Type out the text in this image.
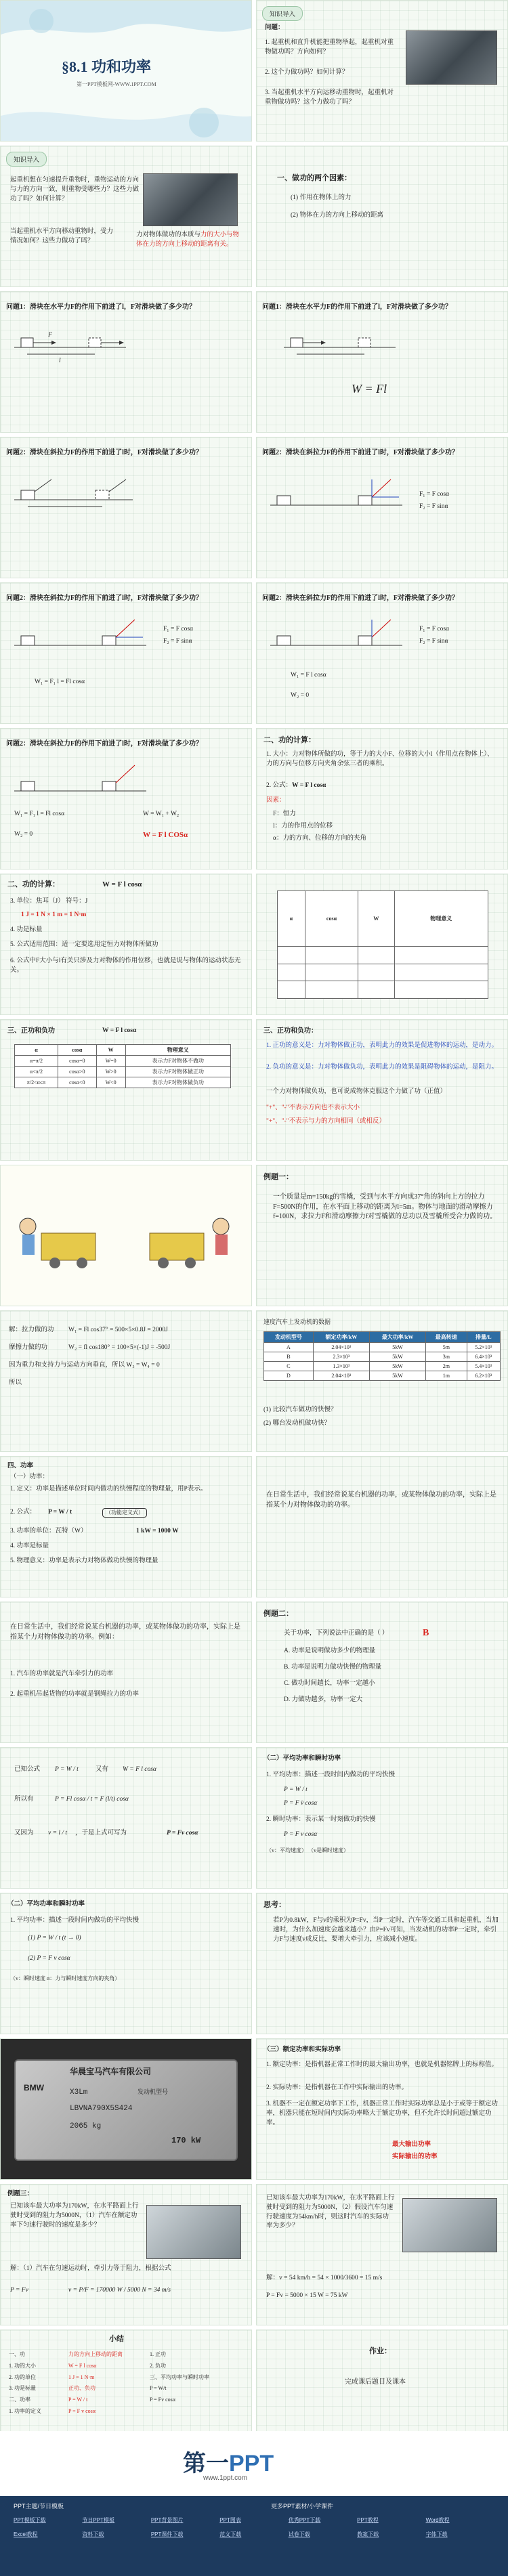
§8.1 功和功率
第一PPT模板网-WWW.1PPT.COM
知识导入
问题：
1. 起重机和直升机能把重物举起，起重机对重物做功吗？方向如何？
2. 这个力做功吗？如何计算？
3. 当起重机水平方向运移动重物时，起重机对重物做功吗？这个力做功了吗？
知识导入
起重机想在匀速提升重物时，重物运动的方向与力的方向一致，则重物受哪些力？这些力做功了吗？如何计算？
当起重机水平方向移动重物时，受力情况如何？这些力做功了吗？
力对物体做功的本质与力的大小与物体在力的方向上移动的距离有关。
一、做功的两个因素：
(1) 作用在物体上的力
(2) 物体在力的方向上移动的距离
问题1：滑块在水平力F的作用下前进了l，F对滑块做了多少功？
F
l
问题1：滑块在水平力F的作用下前进了l，F对滑块做了多少功？
W = Fl
问题2：滑块在斜拉力F的作用下前进了l时，F对滑块做了多少功？	问题2：滑块在斜拉力F的作用下前进了l时，F对滑块做了多少功？
F₁ = F cosα
F₂ = F sinα
问题2：滑块在斜拉力F的作用下前进了l时，F对滑块做了多少功？
F₁ = F cosα
F₂ = F sinα
W₁ = F₁ l = Fl cosα
问题2：滑块在斜拉力F的作用下前进了l时，F对滑块做了多少功？
F₁ = F cosα
F₂ = F sinα
W₁ = F l cosα
W₂ = 0
问题2：滑块在斜拉力F的作用下前进了l时，F对滑块做了多少功？
W₁ = F₁ l = Fl cosα
W₂ = 0
W = W₁ + W₂
W = F l COSα
二、功的计算：
1. 大小：力对物体所做的功，等于力的大小F、位移的大小l（作用点在物体上）、力的方向与位移方向夹角余弦三者的乘积。
2. 公式：W = F l cosα
因素：
F：恒力
l：力的作用点的位移
α：力的方向、位移的方向的夹角
二、功的计算：	W = F l cosα
3. 单位：焦耳（J） 符号：J
1 J = 1 N × 1 m = 1 N·m
4. 功是标量
5. 公式适用范围：适一定要选用定恒力对物体所做功
6. 公式中F大小与l有关只涉及力对物体的作用位移，也就是说与物体的运动状态无关。
α	cosα	W	物理意义

三、正功和负功	W = F l cosα
α	cosα	W	物理意义
α=π/2	cosα=0	W=0	表示力F对物体不做功
α<π/2	cosα>0	W>0	表示力F对物体做正功
π/2<α≤π	cosα<0	W<0	表示力F对物体做负功
三、正功和负功：
1. 正功的意义是：力对物体做正功，表明此力的效果是促进物体的运动，是动力。
2. 负功的意义是：力对物体做负功，表明此力的效果是阻碍物体的运动，是阻力。
一个力对物体做负功，也可说成物体克服这个力做了功（正值）
"+"、"-"不表示方向也不表示大小
"+"、"-"不表示与力的方向相同（或相反）
例题一：
一个质量是m=150kg的雪橇，受到与水平方向成37°角的斜向上方的拉力F=500N的作用，在水平面上移动的距离为l=5m。物体与地面的滑动摩擦力f=100N，求拉力F和滑动摩擦力f对雪橇做的总功以及雪橇所受合力做的功。
解：拉力做的功 W₁ = Fl cos37° = 500×5×0.8J = 2000J
摩擦力做的功	W₂ = fl cos180° = 100×5×(-1)J = -500J
因为重力和支持力与运动方向垂直，所以 W₃ = W₄ = 0
所以
速度汽车上发动机的数据
发动机型号	额定功率/kW	最大功率/kW	最高转速	排量/L
A	2.04×10³	5kW	5m	5.2×10³
B	2.3×10³	5kW	3m	6.4×10³
C	1.3×10³	5kW	2m	5.4×10³
D	2.04×10³	5kW	1m	6.2×10³
(1) 比较汽车做功的快慢？
(2) 哪台发动机做功快？
四、功率
（一）功率：
1. 定义：功率是描述单位时间内做功的快慢程度的物理量，用P表示。
2. 公式： P = W / t	（功能定义式）
3. 功率的单位：瓦特（W）	1 kW = 1000 W
4. 功率是标量
5. 物理意义：功率是表示力对物体做功快慢的物理量
在日常生活中，我们经常说某台机器的功率，或某物体做功的功率，实际上是指某个力对物体做功的功率。
在日常生活中，我们经常说某台机器的功率，或某物体做功的功率，实际上是指某个力对物体做功的功率。例如：
1. 汽车的功率就是汽车牵引力的功率
2. 起重机吊起货物的功率就是钢绳拉力的功率
例题二：
关于功率，下列说法中正确的是（ ）	B
A. 功率是说明做功多少的物理量
B. 功率是说明力做功快慢的物理量
C. 做功时间越长，功率一定越小
D. 力做功越多，功率一定大
已知公式 P = W / t	又有 W = F l cosα
所以有	P = Fl cosα / t = F (l/t) cosα
又因为 v = l / t ，于是上式可写为	P = Fv cosα
（二）平均功率和瞬时功率
1. 平均功率：描述一段时间内做功的平均快慢
P = W / t
P = F v̄ cosα
2. 瞬时功率：表示某一时刻做功的快慢
P = F v cosα
（v：平均速度） （v是瞬时速度）
（二）平均功率和瞬时功率
1. 平均功率：描述一段时间内做功的平均快慢
(1) P = W / t (t → 0)
(2) P = F v cosα
（v：瞬时速度 α：力与瞬时速度方向的夹角）
思考：
若P为0.8kW，F与v的乘积为P=Fv，当P一定时，汽车等交通工具和起重机，当加速时，为什么加速度会越来越小？由P=Fv可知，当发动机的功率P一定时，牵引力F与速度v成反比，要增大牵引力，应该减小速度。
华晨宝马汽车有限公司
BMW	X3Lm	发动机型号
LBVNA790X5S424
2065 kg
170 kW
（三）额定功率和实际功率
1. 额定功率：是指机器正常工作时的最大输出功率，也就是机器铭牌上的标称值。
2. 实际功率：是指机器在工作中实际输出的功率。
3. 机器不一定在额定功率下工作，机器正常工作时实际功率总是小于或等于额定功率，机器只能在短时间内实际功率略大于额定功率，但不允许长时间超过额定功率。
最大输出功率
实际输出的功率
例题三：
已知该车最大功率为170kW，在水平路面上行驶时受到的阻力为5000N，（1）汽车在额定功率下匀速行驶时的速度是多少？
解：（1）汽车在匀速运动时，牵引力等于阻力，根据公式
P = Fv	v = P/F = 170000 W / 5000 N = 34 m/s
已知该车最大功率为170kW，在水平路面上行驶时受到的阻力为5000N，（2）假设汽车匀速行驶速度为54km/h时，则这时汽车的实际功率为多少？
解：v = 54 km/h = 54 × 1000/3600 = 15 m/s
P = Fv = 5000 × 15 W = 75 kW
小结
一、功
1. 功的大小
2. 功的单位
3. 功是标量
二、功率
1. 功率的定义
力的方向上移动的距离
W = F l cosα
1 J = 1 N·m
正功、负功
P = W / t
P = F v cosα
1. 正功
2. 负功
三、平均功率与瞬时功率
P = W/t
P = Fv cosα
作业：
完成课后题目及课本
第一PPT
www.1ppt.com
PPT主题/节日模板	更多PPT素材/小学课件
PPT模板下载	节日PPT模板	PPT背景图片	PPT图表	优秀PPT下载	PPT教程	Word教程
Excel教程	资料下载	PPT课件下载	范文下载	试卷下载	教案下载	字体下载
